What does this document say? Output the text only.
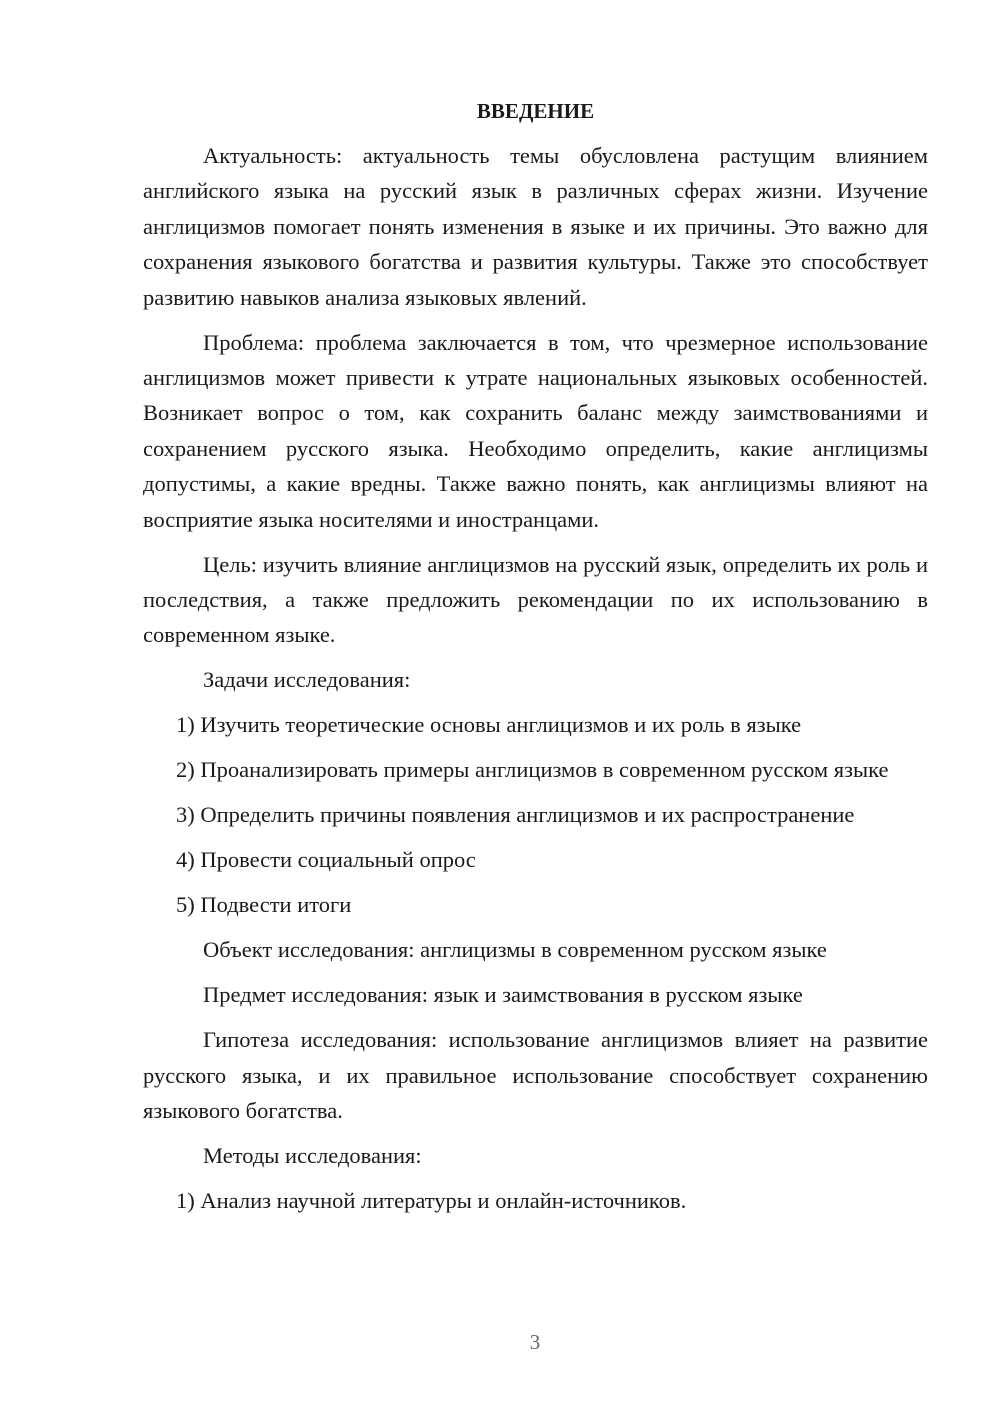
ВВЕДЕНИЕ

Актуальность: актуальность темы обусловлена растущим влиянием английского языка на русский язык в различных сферах жизни. Изучение англицизмов помогает понять изменения в языке и их причины. Это важно для сохранения языкового богатства и развития культуры. Также это способствует развитию навыков анализа языковых явлений.

Проблема: проблема заключается в том, что чрезмерное использование англицизмов может привести к утрате национальных языковых особенностей. Возникает вопрос о том, как сохранить баланс между заимствованиями и сохранением русского языка. Необходимо определить, какие англицизмы допустимы, а какие вредны. Также важно понять, как англицизмы влияют на восприятие языка носителями и иностранцами.

Цель: изучить влияние англицизмов на русский язык, определить их роль и последствия, а также предложить рекомендации по их использованию в современном языке.

Задачи исследования:

1) Изучить теоретические основы англицизмов и их роль в языке

2) Проанализировать примеры англицизмов в современном русском языке

3) Определить причины появления англицизмов и их распространение

4) Провести социальный опрос

5) Подвести итоги

Объект исследования: англицизмы в современном русском языке

Предмет исследования: язык и заимствования в русском языке

Гипотеза исследования: использование англицизмов влияет на развитие русского языка, и их правильное использование способствует сохранению языкового богатства.

Методы исследования:

1) Анализ научной литературы и онлайн-источников.

3
